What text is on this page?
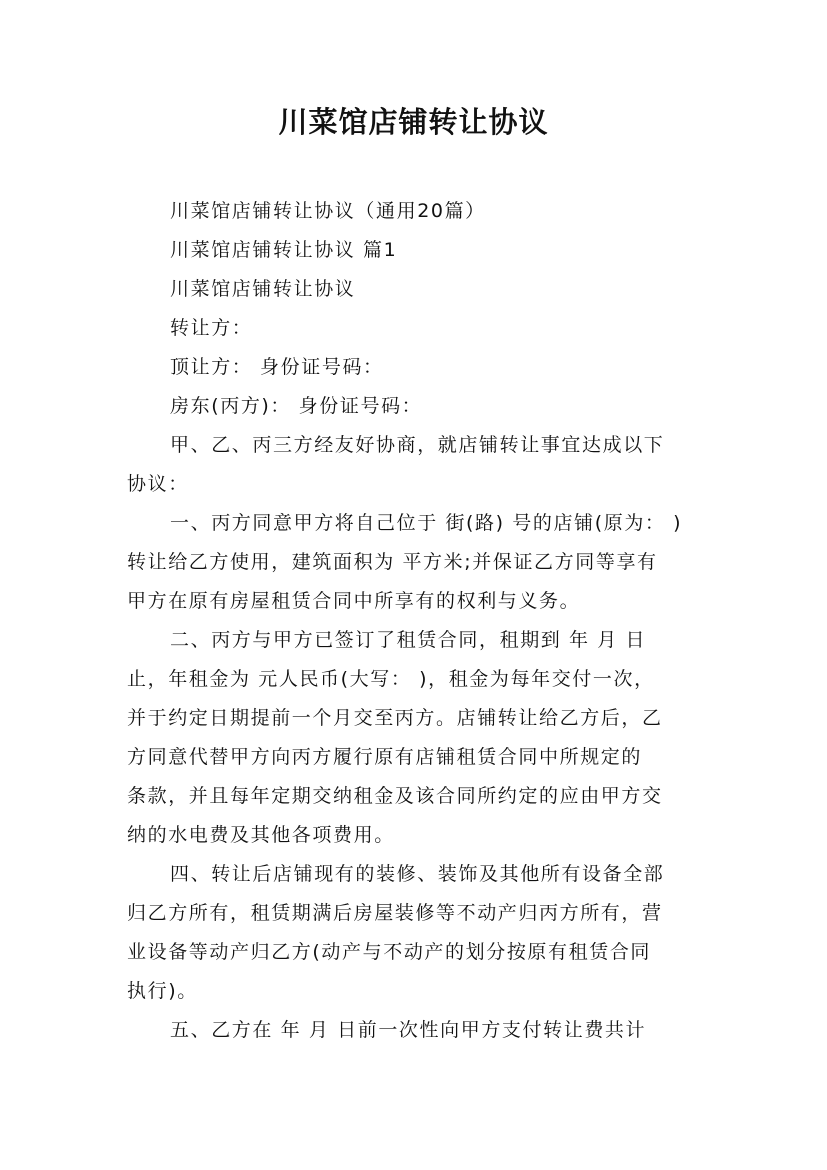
川菜馆店铺转让协议
川菜馆店铺转让协议（通用20篇）
川菜馆店铺转让协议 篇1
川菜馆店铺转让协议
转让方：
顶让方： 身份证号码：
房东(丙方)： 身份证号码：
甲、乙、丙三方经友好协商，就店铺转让事宜达成以下
协议：
一、丙方同意甲方将自己位于 街(路) 号的店铺(原为： )
转让给乙方使用，建筑面积为 平方米;并保证乙方同等享有
甲方在原有房屋租赁合同中所享有的权利与义务。
二、丙方与甲方已签订了租赁合同，租期到 年 月 日
止，年租金为 元人民币(大写： )，租金为每年交付一次，
并于约定日期提前一个月交至丙方。店铺转让给乙方后，乙
方同意代替甲方向丙方履行原有店铺租赁合同中所规定的
条款，并且每年定期交纳租金及该合同所约定的应由甲方交
纳的水电费及其他各项费用。
四、转让后店铺现有的装修、装饰及其他所有设备全部
归乙方所有，租赁期满后房屋装修等不动产归丙方所有，营
业设备等动产归乙方(动产与不动产的划分按原有租赁合同
执行)。
五、乙方在 年 月 日前一次性向甲方支付转让费共计
